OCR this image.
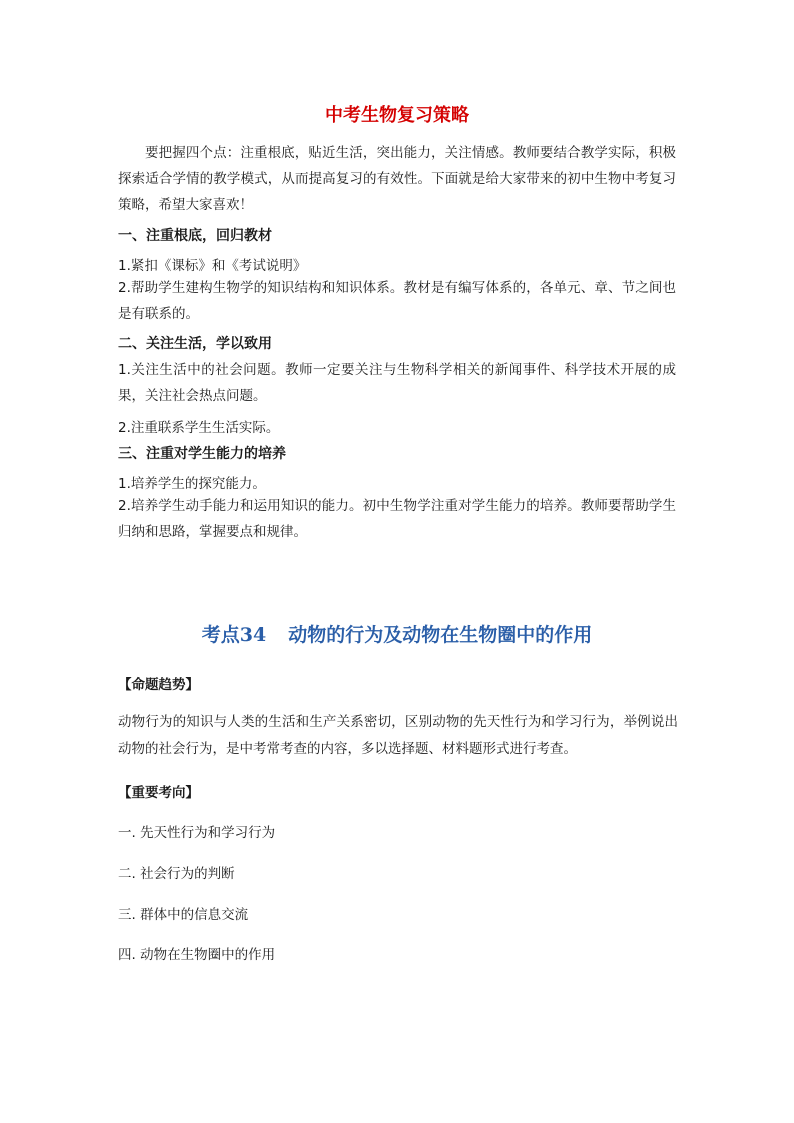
中考生物复习策略
要把握四个点：注重根底，贴近生活，突出能力，关注情感。教师要结合教学实际，积极探索适合学情的教学模式，从而提高复习的有效性。下面就是给大家带来的初中生物中考复习策略，希望大家喜欢！
一、注重根底，回归教材
1.紧扣《课标》和《考试说明》
2.帮助学生建构生物学的知识结构和知识体系。教材是有编写体系的，各单元、章、节之间也是有联系的。
二、关注生活，学以致用
1.关注生活中的社会问题。教师一定要关注与生物科学相关的新闻事件、科学技术开展的成果，关注社会热点问题。
2.注重联系学生生活实际。
三、注重对学生能力的培养
1.培养学生的探究能力。
2.培养学生动手能力和运用知识的能力。初中生物学注重对学生能力的培养。教师要帮助学生归纳和思路，掌握要点和规律。
考点34 动物的行为及动物在生物圈中的作用
【命题趋势】
动物行为的知识与人类的生活和生产关系密切，区别动物的先天性行为和学习行为，举例说出动物的社会行为，是中考常考查的内容，多以选择题、材料题形式进行考查。
【重要考向】
一. 先天性行为和学习行为
二. 社会行为的判断
三. 群体中的信息交流
四. 动物在生物圈中的作用
